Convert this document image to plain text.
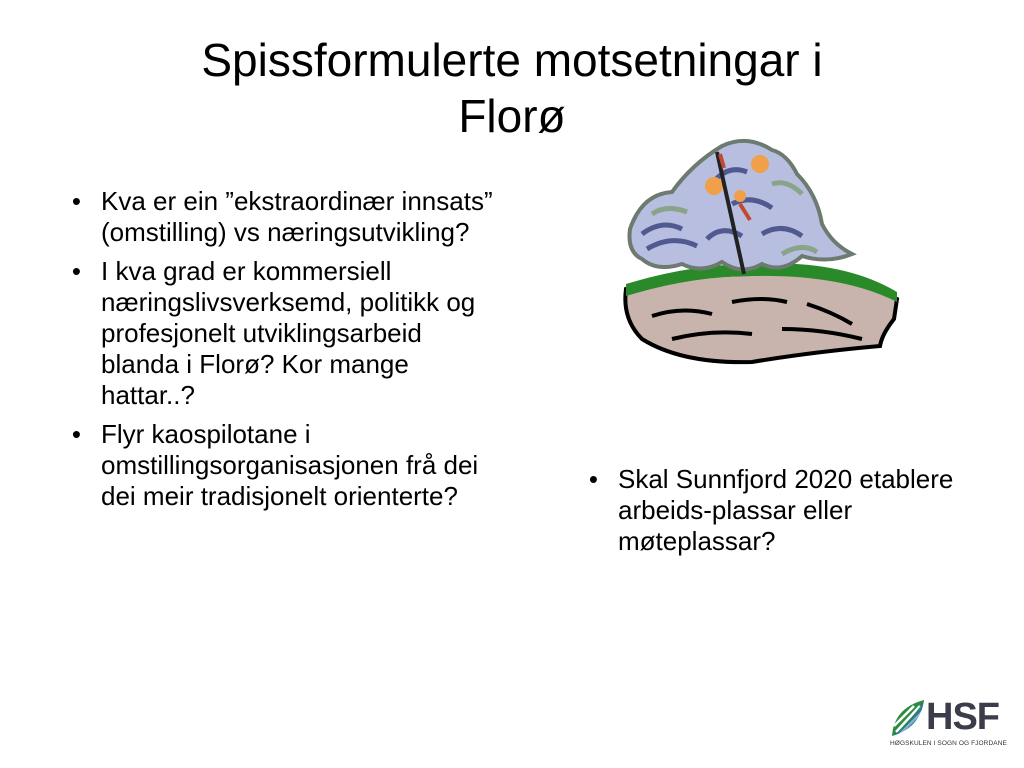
Spissformulerte motsetningar i
Florø
• Kva er ein ”ekstraordinær innsats” (omstilling) vs næringsutvikling?
• I kva grad er kommersiell næringslivsverksemd, politikk og profesjonelt utviklingsarbeid blanda i Florø? Kor mange hattar..?
• Flyr kaospilotane i omstillingsorganisasjonen frå dei dei meir tradisjonelt orienterte?
• Skal Sunnfjord 2020 etablere arbeids-plassar eller møteplassar?
HSF
HØGSKULEN I SOGN OG FJORDANE
